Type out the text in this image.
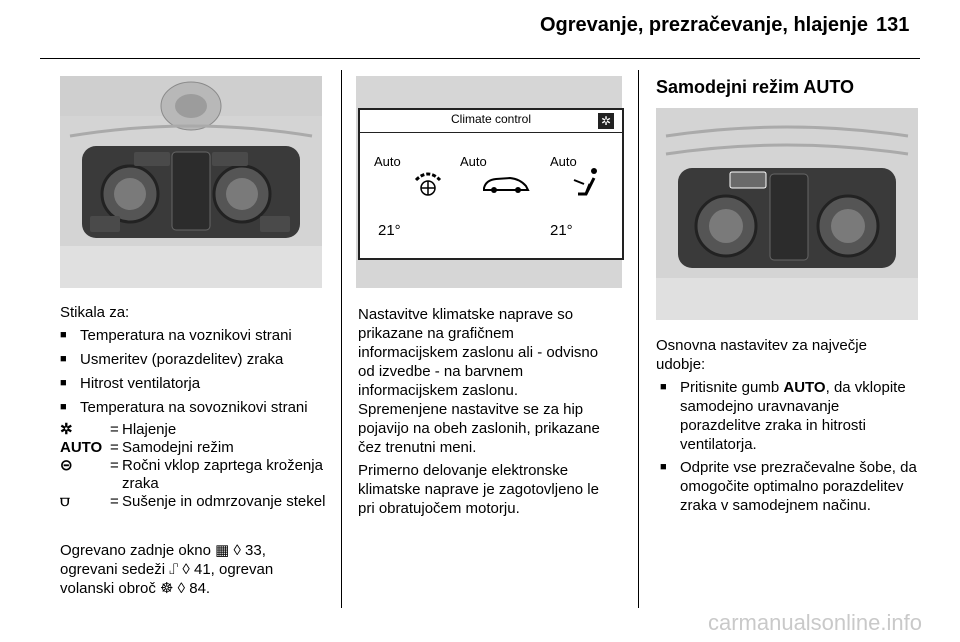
Ogrevanje, prezračevanje, hlajenje 131
Stikala za:
■ Temperatura na voznikovi strani
■ Usmeritev (porazdelitev) zraka
■ Hitrost ventilatorja
■ Temperatura na sovoznikovi strani
✲ = Hlajenje
AUTO = Samodejni režim
⊝ = Ročni vklop zaprtega kroženja zraka
⩌	= Sušenje in odmrzovanje stekel
Ogrevano zadnje okno ▦ ◊ 33,
ogrevani sedeži ⑀ ◊ 41, ogrevan
volanski obroč ☸ ◊ 84.
Climate control	✲
Auto	Auto	Auto
21°	21°
Nastavitve klimatske naprave so
prikazane na grafičnem
informacijskem zaslonu ali - odvisno
od izvedbe - na barvnem
informacijskem zaslonu.
Spremenjene nastavitve se za hip
pojavijo na obeh zaslonih, prikazane
čez trenutni meni.
Primerno delovanje elektronske
klimatske naprave je zagotovljeno le
pri obratujočem motorju.
Samodejni režim AUTO
Osnovna nastavitev za največje
udobje:
■ Pritisnite gumb AUTO, da vklopite
samodejno uravnavanje
porazdelitve zraka in hitrosti
ventilatorja.
■ Odprite vse prezračevalne šobe, da
omogočite optimalno porazdelitev
zraka v samodejnem načinu.
carmanualsonline.info
